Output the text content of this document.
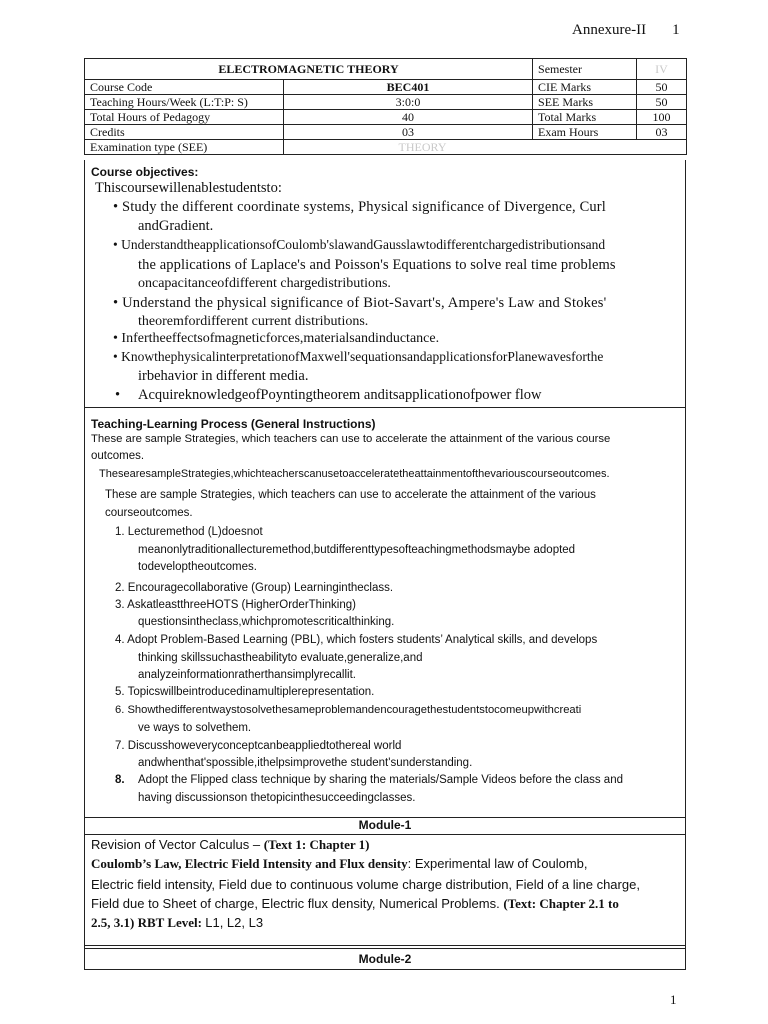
Annexure-II 1
ELECTROMAGNETIC THEORY		Semester	IV
Course Code	BEC401	CIE Marks	50
Teaching Hours/Week (L:T:P: S)	3:0:0	SEE Marks	50
Total Hours of Pedagogy	40	Total Marks	100
Credits	03	Exam Hours	03
Examination type (SEE)	THEORY		
Course objectives:
Thiscoursewillenablestudentsto:
• Study the different coordinate systems, Physical significance of Divergence, Curl
andGradient.
• UnderstandtheapplicationsofCoulomb'slawandGausslawtodifferentchargedistributionsand
the applications of Laplace's and Poisson's Equations to solve real time problems
oncapacitanceofdifferent chargedistributions.
• Understand the physical significance of Biot-Savart's, Ampere's Law and Stokes'
theoremfordifferent current distributions.
• Infertheeffectsofmagneticforces,materialsandinductance.
• KnowthephysicalinterpretationofMaxwell'sequationsandapplicationsforPlanewavesforthe
irbehavior in different media.
• AcquireknowledgeofPoyntingtheorem anditsapplicationofpower flow
Teaching-Learning Process (General Instructions)
These are sample Strategies, which teachers can use to accelerate the attainment of the various course
outcomes.
ThesearesampleStrategies,whichteacherscanusetoacceleratetheattainmentofthevariouscourseoutcomes.
These are sample Strategies, which teachers can use to accelerate the attainment of the various
courseoutcomes.
1. Lecturemethod (L)doesnot
meanonlytraditionallecturemethod,butdifferenttypesofteachingmethodsmaybe adopted
todeveloptheoutcomes.
2. Encouragecollaborative (Group) Learningintheclass.
3. AskatleastthreeHOTS (HigherOrderThinking)
questionsintheclass,whichpromotescriticalthinking.
4. Adopt Problem-Based Learning (PBL), which fosters students’ Analytical skills, and develops
thinking skillssuchastheabilityto evaluate,generalize,and
analyzeinformationratherthansimplyrecallit.
5. Topicswillbeintroducedinamultiplerepresentation.
6. Showthedifferentwaystosolvethesameproblemandencouragethestudentstocomeupwithcreati
ve ways to solvethem.
7. Discusshoweveryconceptcanbeappliedtothereal world
andwhenthat'spossible,ithelpsimprovethe student'sunderstanding.
8. Adopt the Flipped class technique by sharing the materials/Sample Videos before the class and
having discussionson thetopicinthesucceedingclasses.
Module-1
Revision of Vector Calculus – (Text 1: Chapter 1)
Coulomb’s Law, Electric Field Intensity and Flux density: Experimental law of Coulomb,
Electric field intensity, Field due to continuous volume charge distribution, Field of a line charge,
Field due to Sheet of charge, Electric flux density, Numerical Problems. (Text: Chapter 2.1 to
2.5, 3.1) RBT Level: L1, L2, L3
Module-2
1
